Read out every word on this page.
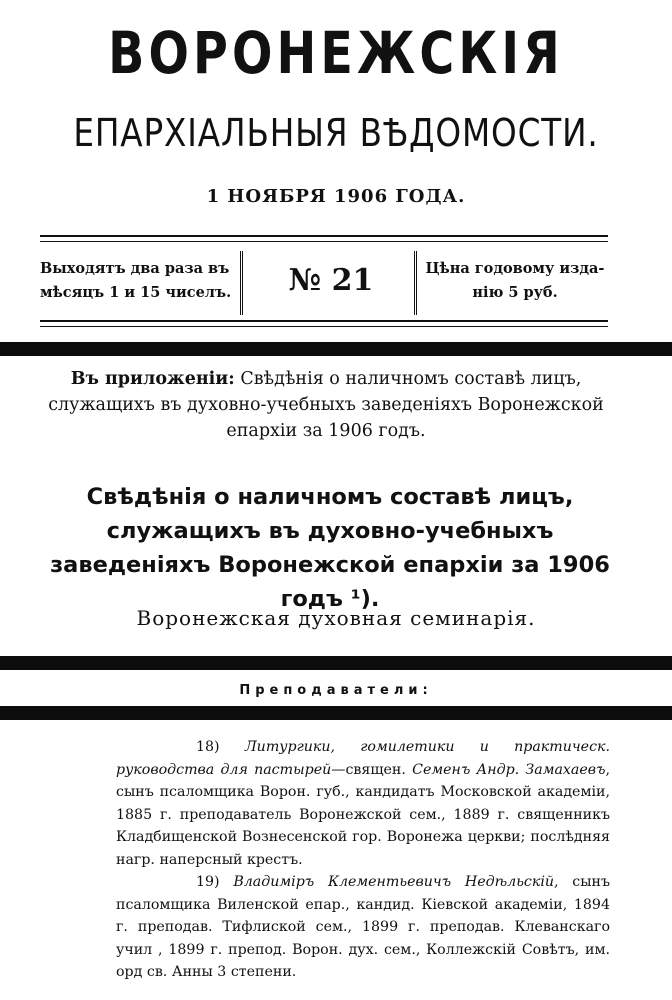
ВОРОНЕЖСКІЯ
ЕПАРХІАЛЬНЫЯ ВѢДОМОСТИ.
1 НОЯБРЯ 1906 ГОДА.
Выходятъ два раза въ
мѣсяцъ 1 и 15 чиселъ.	№ 21	Цѣна годовому изда-
нію 5 руб.
Въ приложеніи: Свѣдѣнія о наличномъ составѣ лицъ, служащихъ въ духовно-учебныхъ заведеніяхъ Воронежской епархіи за 1906 годъ.
Свѣдѣнія о наличномъ составѣ лицъ, служащихъ въ духовно-учебныхъ заведеніяхъ Воронежской епархіи за 1906 годъ ¹).
Воронежская духовная семинарія.
Преподаватели:

18) Литургики, гомилетики и практическ. руководства для пастырей—священ. Семенъ Андр. Замахаевъ, сынъ псаломщика Ворон. губ., кандидатъ Московской академіи, 1885 г. преподаватель Воронежской сем., 1889 г. священникъ Кладбищенской Вознесенской гор. Воронежа церкви; послѣдняя нагр. наперсный крестъ.

19) Владиміръ Клементьевичъ Недѣльскій, сынъ псаломщика Виленской епар., кандид. Кіевской академіи, 1894 г. преподав. Тифлиской сем., 1899 г. преподав. Клеванскаго учил , 1899 г. препод. Ворон. дух. сем., Коллежскій Совѣтъ, им. орд св. Анны 3 степени.
